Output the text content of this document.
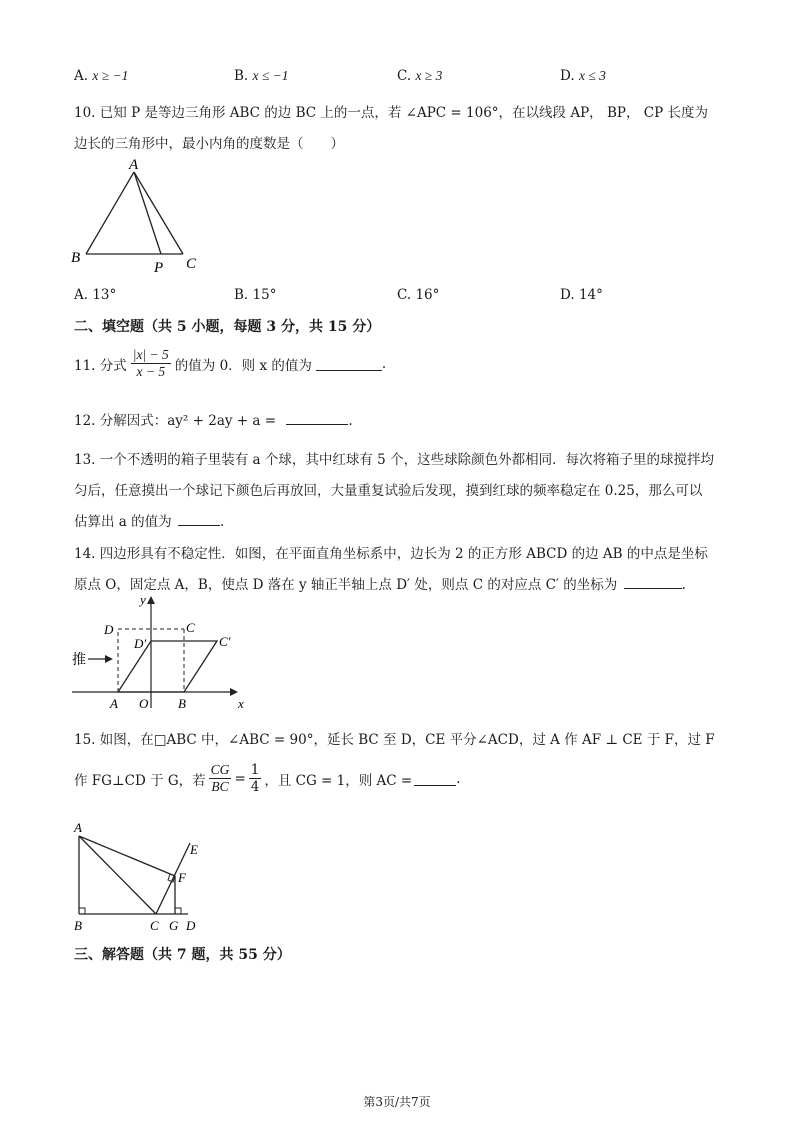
A. x ≥ −1	B. x ≤ −1	C. x ≥ 3	D. x ≤ 3
10. 已知 P 是等边三角形 ABC 的边 BC 上的一点，若 ∠APC = 106°，在以线段 AP， BP， CP 长度为
边长的三角形中，最小内角的度数是（　　）
A
B
P C
A. 13°	B. 15°	C. 16°	D. 14°
二、填空题（共 5 小题，每题 3 分，共 15 分）
11. 分式 $\frac{|x| - 5}{x - 5}$ 的值为 0．则 x 的值为	.
12. 分解因式：ay² + 2ay + a =	.
13. 一个不透明的箱子里装有 a 个球，其中红球有 5 个，这些球除颜色外都相同．每次将箱子里的球搅拌均
匀后，任意摸出一个球记下颜色后再放回，大量重复试验后发现，摸到红球的频率稳定在 0.25，那么可以
估算出 a 的值为	.
14. 四边形具有不稳定性．如图，在平面直角坐标系中，边长为 2 的正方形 ABCD 的边 AB 的中点是坐标
原点 O，固定点 A，B，使点 D 落在 y 轴正半轴上点 D′ 处，则点 C 的对应点 C′ 的坐标为	.
推
y
x
D	C
D′	C′
A O B
15. 如图，在□ABC 中，∠ABC = 90°，延长 BC 至 D，CE 平分∠ACD，过 A 作 AF ⊥ CE 于 F，过 F
作 FG⊥CD 于 G，若 $\frac{CG}{BC} = \frac{1}{4}$ ，且 CG = 1，则 AC =	.
A
E
F
B	C G D
三、解答题（共 7 题，共 55 分）
第3页/共7页
